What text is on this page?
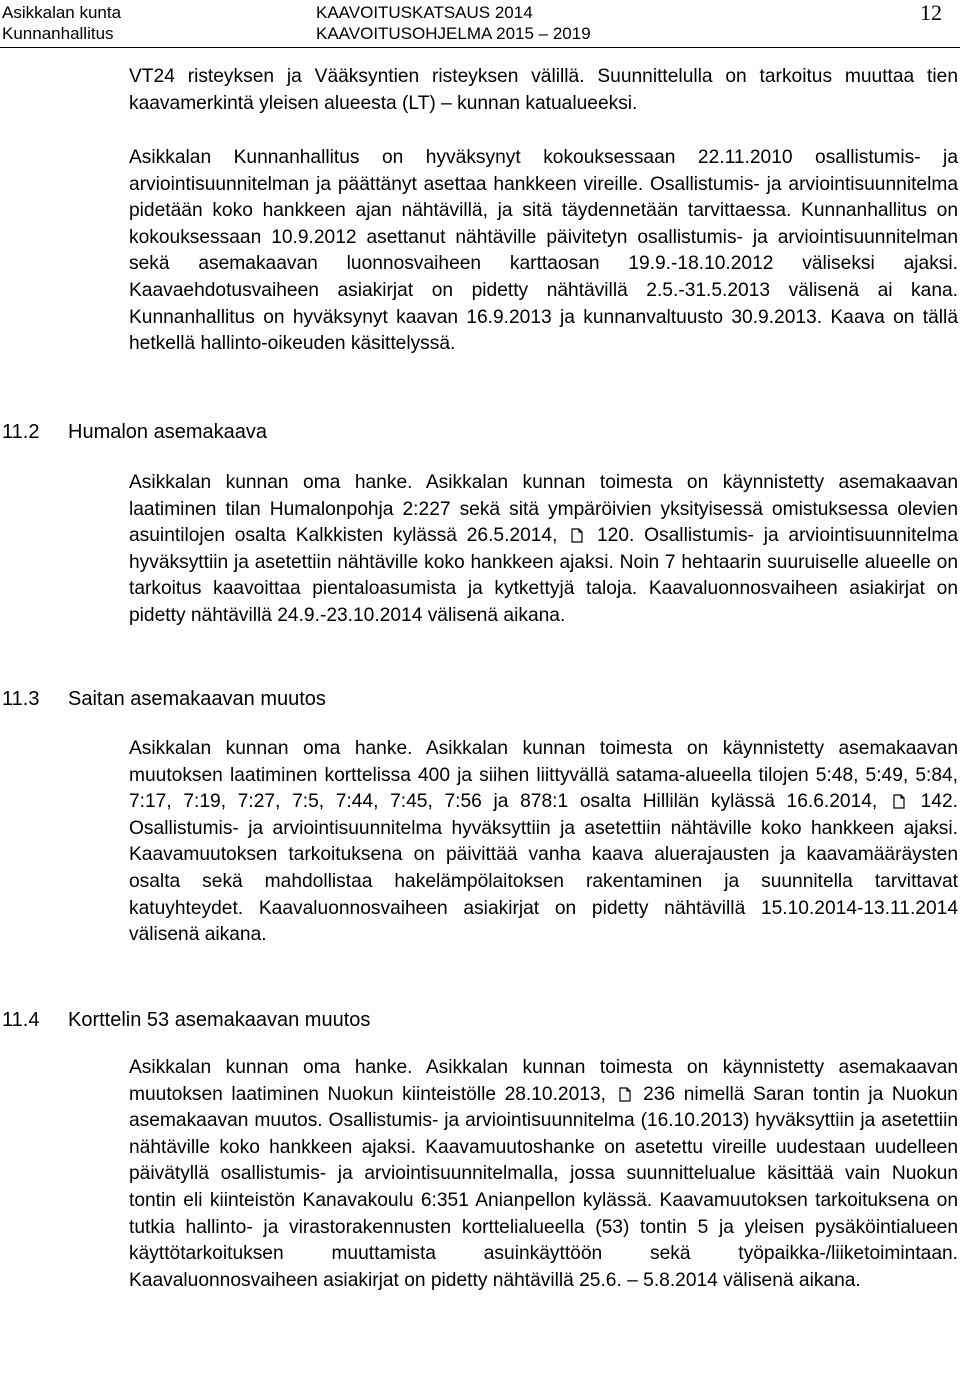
Asikkalan kunta
Kunnanhallitus
KAAVOITUSKATSAUS 2014
KAAVOITUSOHJELMA 2015 – 2019
12

VT24 risteyksen ja Vääksyntien risteyksen välillä. Suunnittelulla on tarkoitus muuttaa tien kaavamerkintä yleisen alueesta (LT) – kunnan katualueeksi.

Asikkalan Kunnanhallitus on hyväksynyt kokouksessaan 22.11.2010 osallistumis- ja arviointisuunnitelman ja päättänyt asettaa hankkeen vireille. Osallistumis- ja arviointisuunnitelma pidetään koko hankkeen ajan nähtävillä, ja sitä täydennetään tarvittaessa. Kunnanhallitus on kokouksessaan 10.9.2012 asettanut nähtäville päivitetyn osallistumis- ja arviointisuunnitelman sekä asemakaavan luonnosvaiheen karttaosan 19.9.-18.10.2012 väliseksi ajaksi. Kaavaehdotusvaiheen asiakirjat on pidetty nähtävillä 2.5.-31.5.2013 välisenä ai kana. Kunnanhallitus on hyväksynyt kaavan 16.9.2013 ja kunnanvaltuusto 30.9.2013. Kaava on tällä hetkellä hallinto-oikeuden käsittelyssä.

11.2 Humalon asemakaava

Asikkalan kunnan oma hanke. Asikkalan kunnan toimesta on käynnistetty asemakaavan laatiminen tilan Humalonpohja 2:227 sekä sitä ympäröivien yksityisessä omistuksessa olevien asuintilojen osalta Kalkkisten kylässä 26.5.2014, 120. Osallistumis- ja arviointisuunnitelma hyväksyttiin ja asetettiin nähtäville koko hankkeen ajaksi. Noin 7 hehtaarin suuruiselle alueelle on tarkoitus kaavoittaa pientaloasumista ja kytkettyjä taloja. Kaavaluonnosvaiheen asiakirjat on pidetty nähtävillä 24.9.-23.10.2014 välisenä aikana.

11.3 Saitan asemakaavan muutos

Asikkalan kunnan oma hanke. Asikkalan kunnan toimesta on käynnistetty asemakaavan muutoksen laatiminen korttelissa 400 ja siihen liittyvällä satama-alueella tilojen 5:48, 5:49, 5:84, 7:17, 7:19, 7:27, 7:5, 7:44, 7:45, 7:56 ja 878:1 osalta Hillilän kylässä 16.6.2014, 142. Osallistumis- ja arviointisuunnitelma hyväksyttiin ja asetettiin nähtäville koko hankkeen ajaksi. Kaavamuutoksen tarkoituksena on päivittää vanha kaava aluerajausten ja kaavamääräysten osalta sekä mahdollistaa hakelämpölaitoksen rakentaminen ja suunnitella tarvittavat katuyhteydet. Kaavaluonnosvaiheen asiakirjat on pidetty nähtävillä 15.10.2014-13.11.2014 välisenä aikana.

11.4 Korttelin 53 asemakaavan muutos

Asikkalan kunnan oma hanke. Asikkalan kunnan toimesta on käynnistetty asemakaavan muutoksen laatiminen Nuokun kiinteistölle 28.10.2013, 236 nimellä Saran tontin ja Nuokun asemakaavan muutos. Osallistumis- ja arviointisuunnitelma (16.10.2013) hyväksyttiin ja asetettiin nähtäville koko hankkeen ajaksi. Kaavamuutoshanke on asetettu vireille uudestaan uudelleen päivätyllä osallistumis- ja arviointisuunnitelmalla, jossa suunnittelualue käsittää vain Nuokun tontin eli kiinteistön Kanavakoulu 6:351 Anianpellon kylässä. Kaavamuutoksen tarkoituksena on tutkia hallinto- ja virastorakennusten korttelialueella (53) tontin 5 ja yleisen pysäköintialueen käyttötarkoituksen muuttamista asuinkäyttöön sekä työpaikka-/liiketoimintaan. Kaavaluonnosvaiheen asiakirjat on pidetty nähtävillä 25.6. – 5.8.2014 välisenä aikana.
